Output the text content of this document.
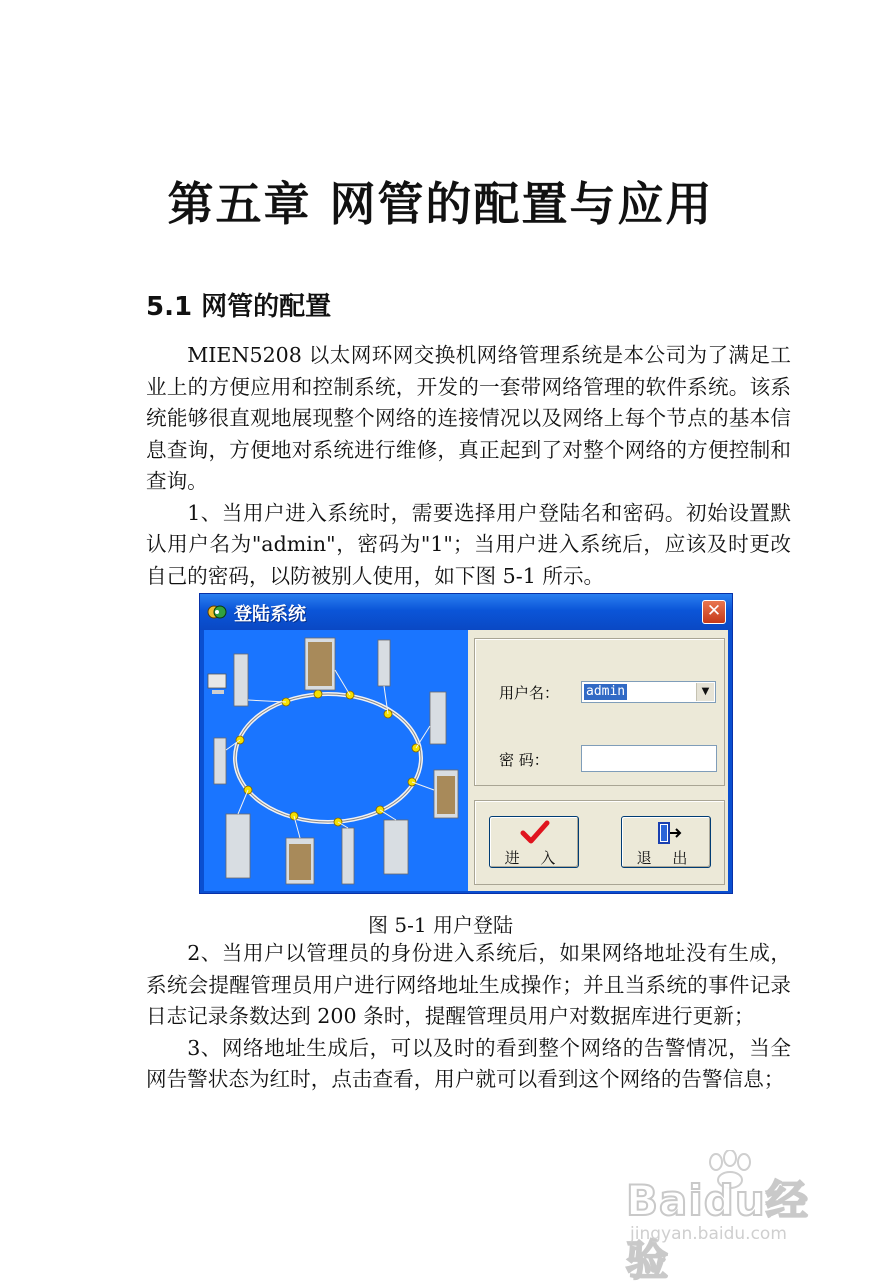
第五章 网管的配置与应用
5.1 网管的配置

MIEN5208 以太网环网交换机网络管理系统是本公司为了满足工业上的方便应用和控制系统，开发的一套带网络管理的软件系统。该系统能够很直观地展现整个网络的连接情况以及网络上每个节点的基本信息查询，方便地对系统进行维修，真正起到了对整个网络的方便控制和查询。

1、当用户进入系统时，需要选择用户登陆名和密码。初始设置默认用户名为"admin"，密码为"1"；当用户进入系统后，应该及时更改自己的密码，以防被别人使用，如下图 5-1 所示。

登陆系统	✕
用户名： admin	▼
密 码：
进 入	退 出
图 5-1 用户登陆

2、当用户以管理员的身份进入系统后，如果网络地址没有生成，系统会提醒管理员用户进行网络地址生成操作；并且当系统的事件记录日志记录条数达到 200 条时，提醒管理员用户对数据库进行更新；

3、网络地址生成后，可以及时的看到整个网络的告警情况，当全网告警状态为红时，点击查看，用户就可以看到这个网络的告警信息；

Baidu经验
jingyan.baidu.com
